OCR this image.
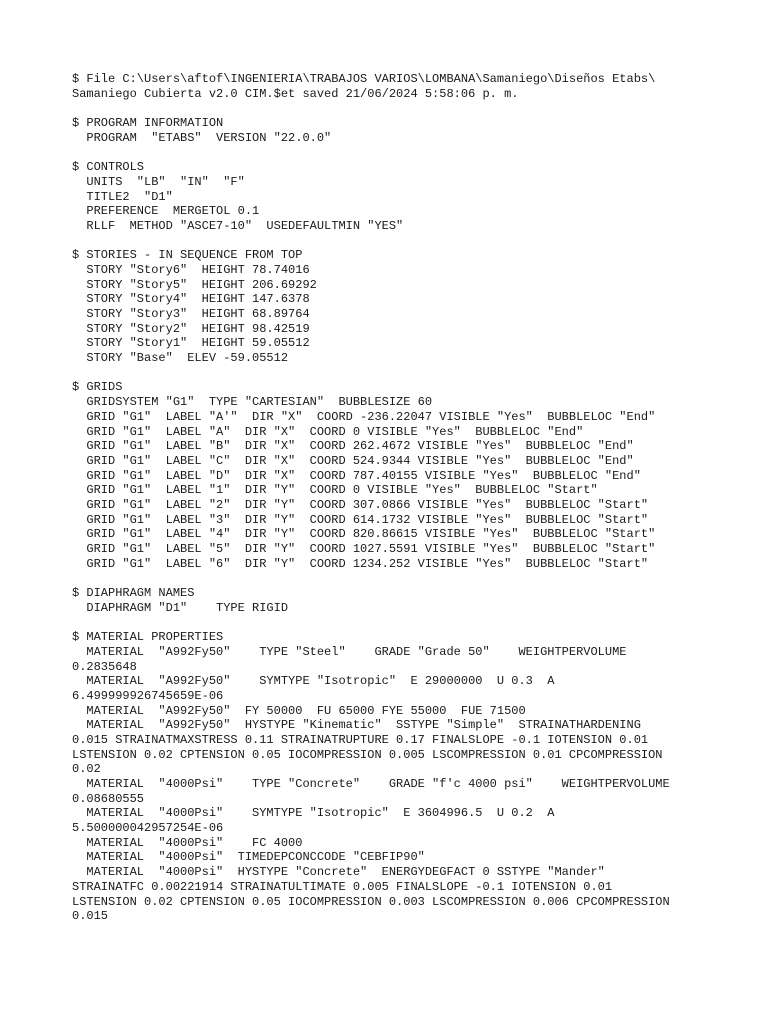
$ File C:\Users\aftof\INGENIERIA\TRABAJOS VARIOS\LOMBANA\Samaniego\Diseños Etabs\
Samaniego Cubierta v2.0 CIM.$et saved 21/06/2024 5:58:06 p. m.
$ PROGRAM INFORMATION
PROGRAM  "ETABS"  VERSION "22.0.0"
$ CONTROLS
UNITS  "LB"  "IN"  "F"
TITLE2  "D1"
PREFERENCE  MERGETOL 0.1
RLLF  METHOD "ASCE7-10"  USEDEFAULTMIN "YES"
$ STORIES - IN SEQUENCE FROM TOP
STORY "Story6"  HEIGHT 78.74016
STORY "Story5"  HEIGHT 206.69292
STORY "Story4"  HEIGHT 147.6378
STORY "Story3"  HEIGHT 68.89764
STORY "Story2"  HEIGHT 98.42519
STORY "Story1"  HEIGHT 59.05512
STORY "Base"  ELEV -59.05512
$ GRIDS
GRIDSYSTEM "G1"  TYPE "CARTESIAN"  BUBBLESIZE 60
GRID "G1"  LABEL "A'"  DIR "X"  COORD -236.22047 VISIBLE "Yes"  BUBBLELOC "End"
GRID "G1"  LABEL "A"  DIR "X"  COORD 0 VISIBLE "Yes"  BUBBLELOC "End"
GRID "G1"  LABEL "B"  DIR "X"  COORD 262.4672 VISIBLE "Yes"  BUBBLELOC "End"
GRID "G1"  LABEL "C"  DIR "X"  COORD 524.9344 VISIBLE "Yes"  BUBBLELOC "End"
GRID "G1"  LABEL "D"  DIR "X"  COORD 787.40155 VISIBLE "Yes"  BUBBLELOC "End"
GRID "G1"  LABEL "1"  DIR "Y"  COORD 0 VISIBLE "Yes"  BUBBLELOC "Start"
GRID "G1"  LABEL "2"  DIR "Y"  COORD 307.0866 VISIBLE "Yes"  BUBBLELOC "Start"
GRID "G1"  LABEL "3"  DIR "Y"  COORD 614.1732 VISIBLE "Yes"  BUBBLELOC "Start"
GRID "G1"  LABEL "4"  DIR "Y"  COORD 820.86615 VISIBLE "Yes"  BUBBLELOC "Start"
GRID "G1"  LABEL "5"  DIR "Y"  COORD 1027.5591 VISIBLE "Yes"  BUBBLELOC "Start"
GRID "G1"  LABEL "6"  DIR "Y"  COORD 1234.252 VISIBLE "Yes"  BUBBLELOC "Start"
$ DIAPHRAGM NAMES
DIAPHRAGM "D1"    TYPE RIGID
$ MATERIAL PROPERTIES
MATERIAL  "A992Fy50"    TYPE "Steel"    GRADE "Grade 50"    WEIGHTPERVOLUME
0.2835648
MATERIAL  "A992Fy50"    SYMTYPE "Isotropic"  E 29000000  U 0.3  A
6.499999926745659E-06
MATERIAL  "A992Fy50"  FY 50000  FU 65000 FYE 55000  FUE 71500
MATERIAL  "A992Fy50"  HYSTYPE "Kinematic"  SSTYPE "Simple"  STRAINATHARDENING
0.015 STRAINATMAXSTRESS 0.11 STRAINATRUPTURE 0.17 FINALSLOPE -0.1 IOTENSION 0.01
LSTENSION 0.02 CPTENSION 0.05 IOCOMPRESSION 0.005 LSCOMPRESSION 0.01 CPCOMPRESSION
0.02
MATERIAL  "4000Psi"    TYPE "Concrete"    GRADE "f'c 4000 psi"    WEIGHTPERVOLUME
0.08680555
MATERIAL  "4000Psi"    SYMTYPE "Isotropic"  E 3604996.5  U 0.2  A
5.500000042957254E-06
MATERIAL  "4000Psi"    FC 4000
MATERIAL  "4000Psi"  TIMEDEPCONCCODE "CEBFIP90"
MATERIAL  "4000Psi"  HYSTYPE "Concrete"  ENERGYDEGFACT 0 SSTYPE "Mander"
STRAINATFC 0.00221914 STRAINATULTIMATE 0.005 FINALSLOPE -0.1 IOTENSION 0.01
LSTENSION 0.02 CPTENSION 0.05 IOCOMPRESSION 0.003 LSCOMPRESSION 0.006 CPCOMPRESSION
0.015
